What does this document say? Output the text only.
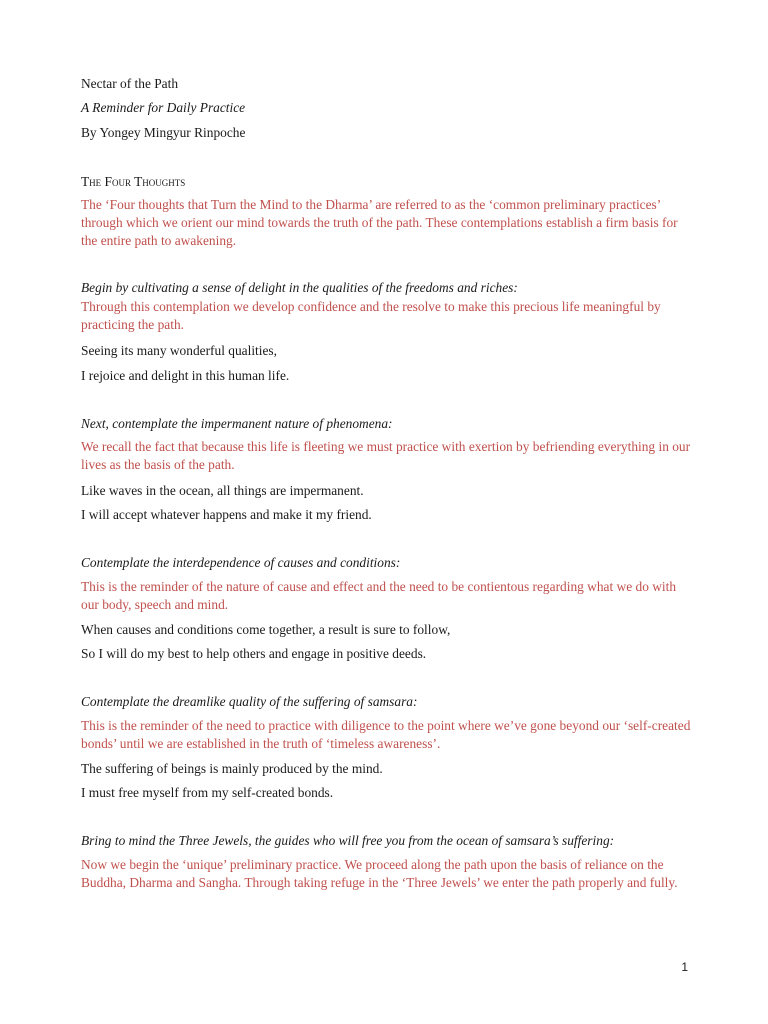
Nectar of the Path
A Reminder for Daily Practice
By Yongey Mingyur Rinpoche
The Four Thoughts
The ‘Four thoughts that Turn the Mind to the Dharma’ are referred to as the ‘common preliminary practices’ through which we orient our mind towards the truth of the path. These contemplations establish a firm basis for the entire path to awakening.
Begin by cultivating a sense of delight in the qualities of the freedoms and riches:
Through this contemplation we develop confidence and the resolve to make this precious life meaningful by practicing the path.
Seeing its many wonderful qualities,
I rejoice and delight in this human life.
Next, contemplate the impermanent nature of phenomena:
We recall the fact that because this life is fleeting we must practice with exertion by befriending everything in our lives as the basis of the path.
Like waves in the ocean, all things are impermanent.
I will accept whatever happens and make it my friend.
Contemplate the interdependence of causes and conditions:
This is the reminder of the nature of cause and effect and the need to be contientous regarding what we do with our body, speech and mind.
When causes and conditions come together, a result is sure to follow,
So I will do my best to help others and engage in positive deeds.
Contemplate the dreamlike quality of the suffering of samsara:
This is the reminder of the need to practice with diligence to the point where we’ve gone beyond our ‘self-created bonds’ until we are established in the truth of ‘timeless awareness’.
The suffering of beings is mainly produced by the mind.
I must free myself from my self-created bonds.
Bring to mind the Three Jewels, the guides who will free you from the ocean of samsara’s suffering:
Now we begin the ‘unique’ preliminary practice. We proceed along the path upon the basis of reliance on the Buddha, Dharma and Sangha. Through taking refuge in the ‘Three Jewels’ we enter the path properly and fully.
1
